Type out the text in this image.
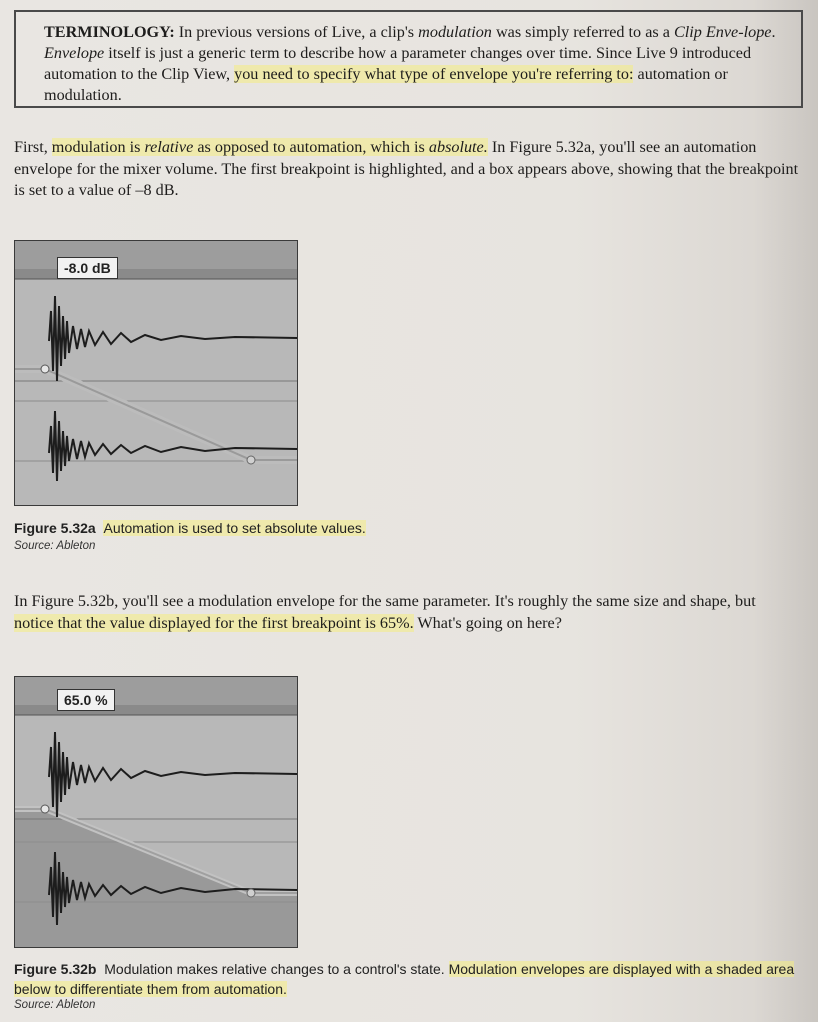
TERMINOLOGY: In previous versions of Live, a clip's modulation was simply referred to as a Clip Enve-lope. Envelope itself is just a generic term to describe how a parameter changes over time. Since Live 9 introduced automation to the Clip View, you need to specify what type of envelope you're referring to: automation or modulation.
First, modulation is relative as opposed to automation, which is absolute. In Figure 5.32a, you'll see an automation envelope for the mixer volume. The first breakpoint is highlighted, and a box appears above, showing that the breakpoint is set to a value of –8 dB.
-8.0 dB
Figure 5.32a Automation is used to set absolute values.
Source: Ableton
In Figure 5.32b, you'll see a modulation envelope for the same parameter. It's roughly the same size and shape, but notice that the value displayed for the first breakpoint is 65%. What's going on here?
65.0 %
Figure 5.32b Modulation makes relative changes to a control's state. Modulation envelopes are displayed with a shaded area below to differentiate them from automation.
Source: Ableton
